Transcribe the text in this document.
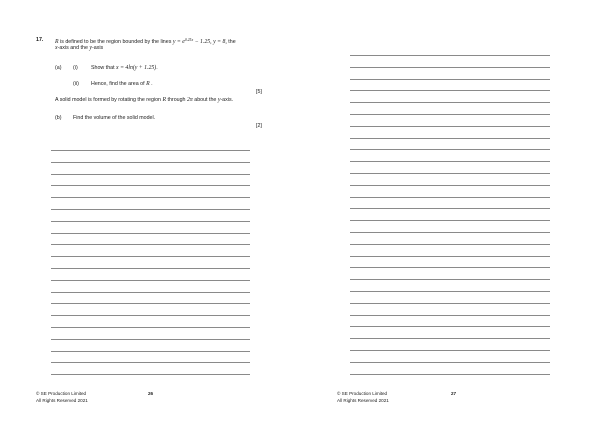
17. R is defined to be the region bounded by the lines $y = e^{0.25x} - 1.25$, y = 8, the
x-axis and the y-axis
(a) (i)	Show that x = 4ln(y + 1.25).
(ii) Hence, find the area of R .
[5]
A solid model is formed by rotating the region R through 2π about the y-axis.
(b) Find the volume of the solid model.
[2]
© SE Production Limited
All Rights Reserved 2021
26	© SE Production Limited
All Rights Reserved 2021
27
